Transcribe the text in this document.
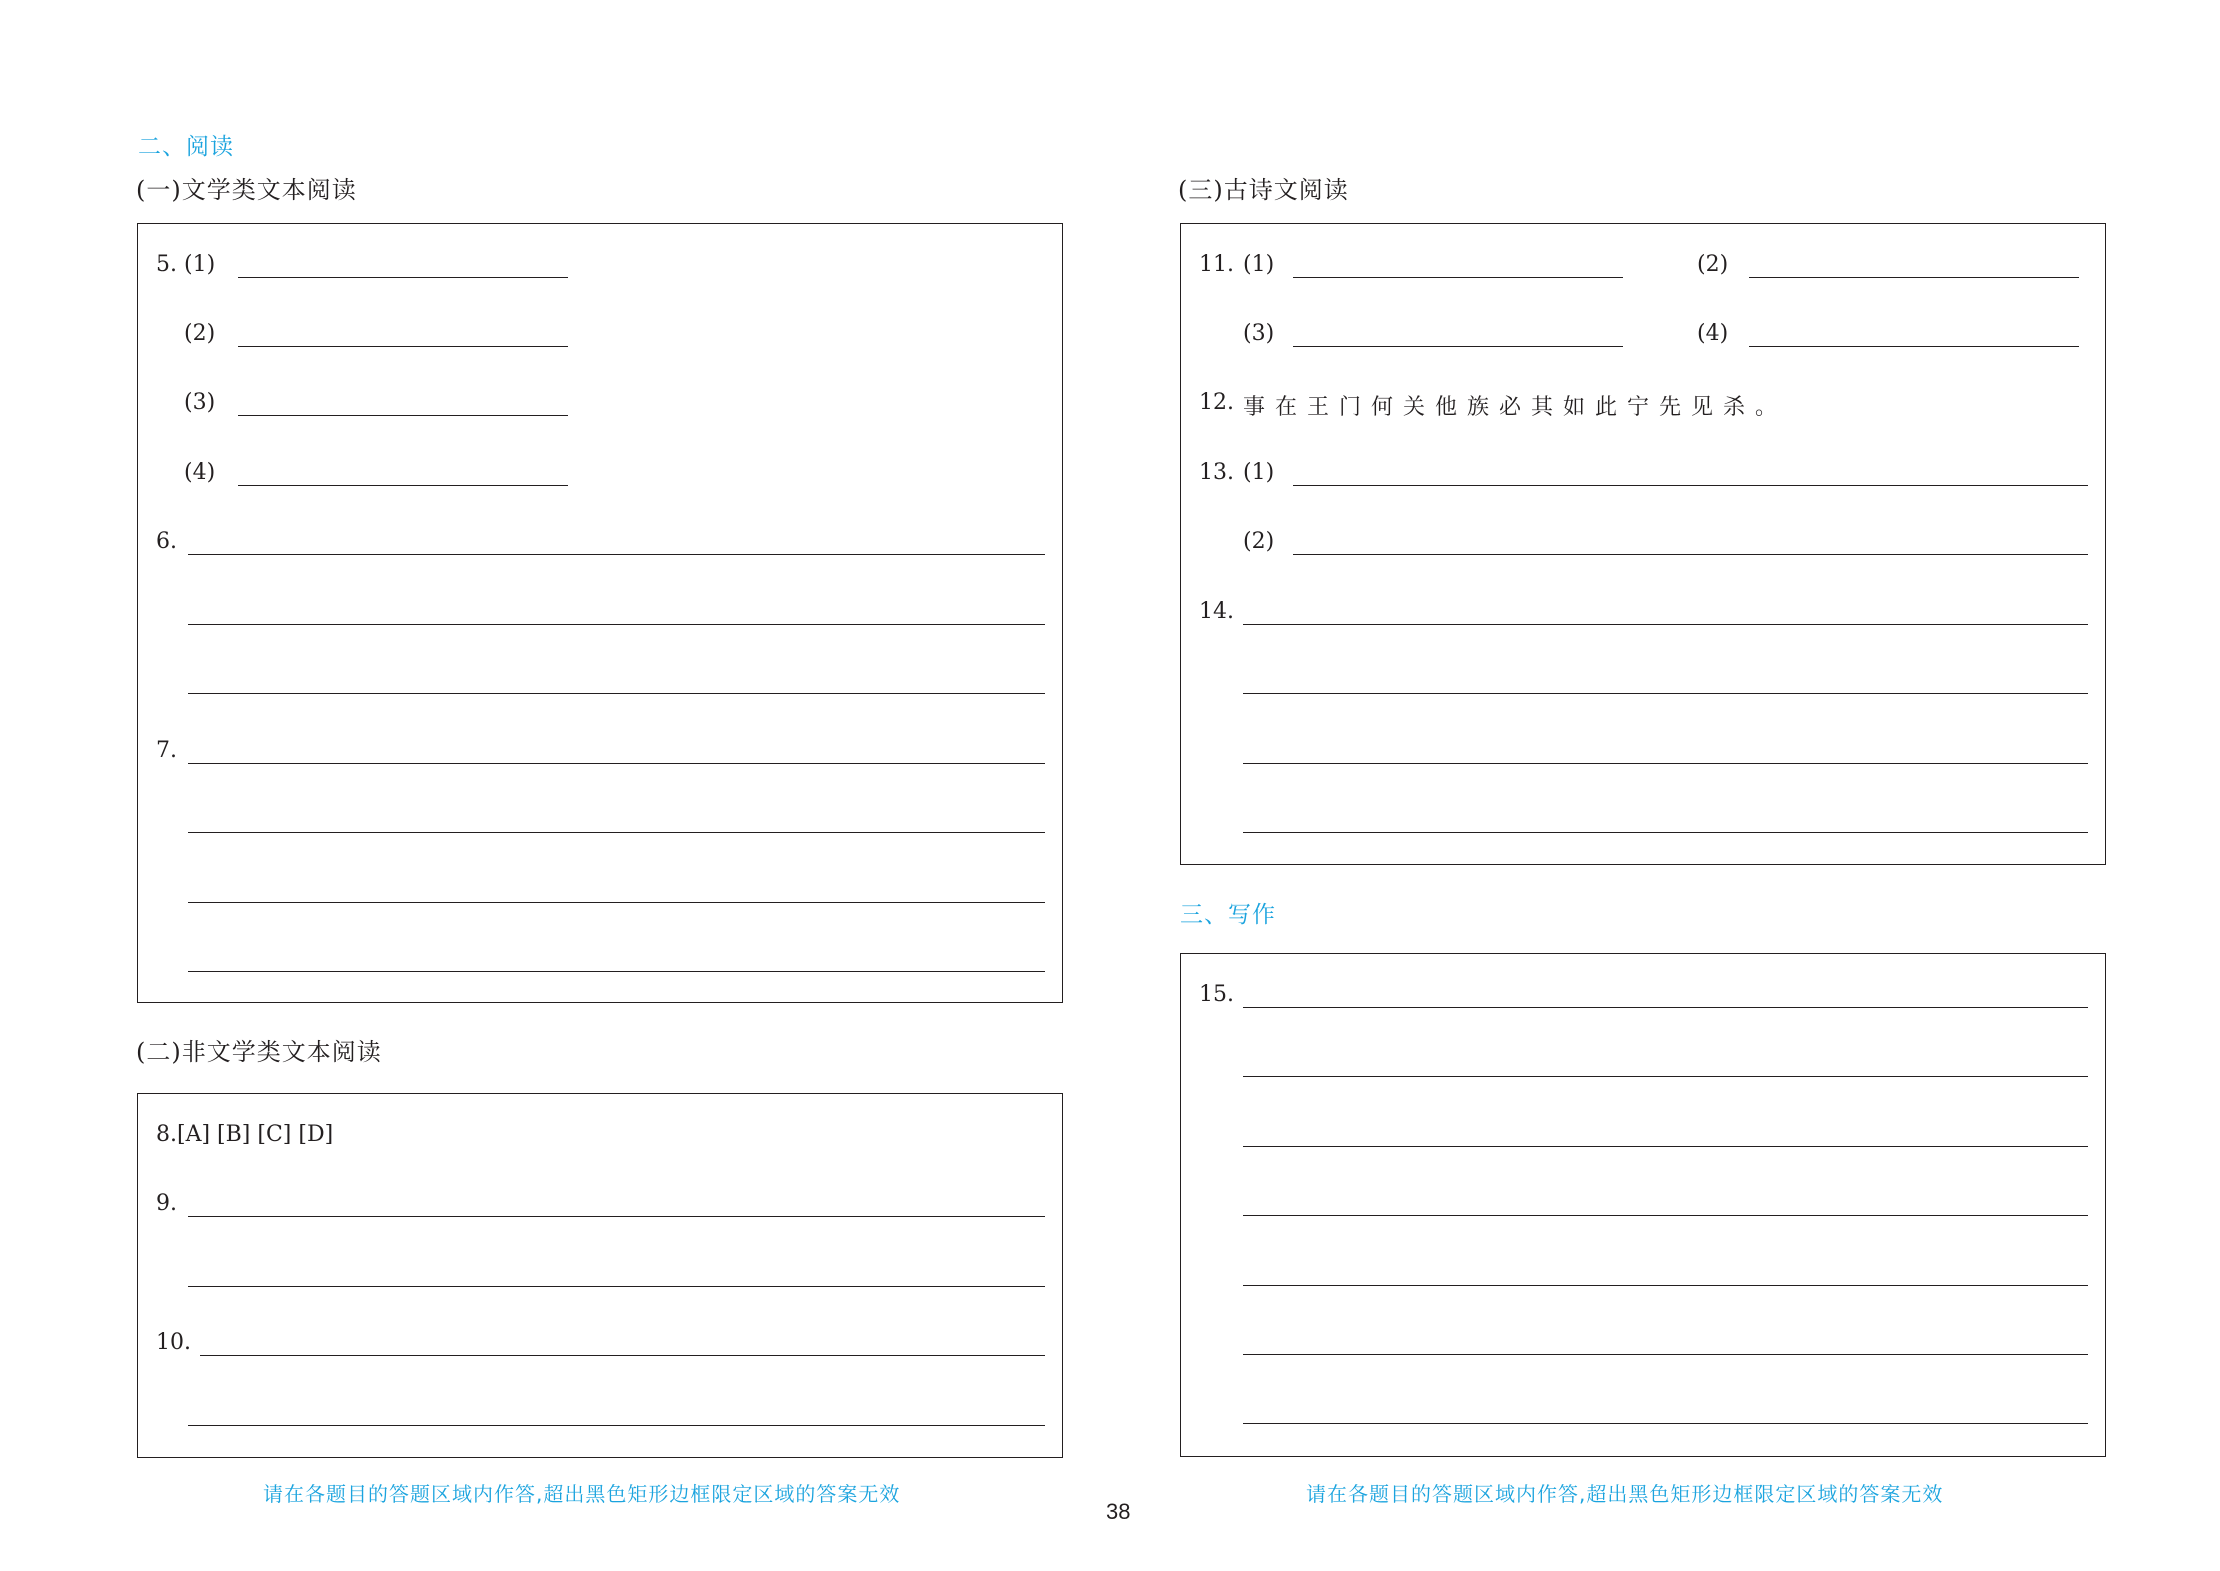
二、阅读
(一)文学类文本阅读	(三)古诗文阅读
5. (1)
(2)
(3)
(4)
6.
7.
(二)非文学类文本阅读
8.[A] [B] [C] [D]
9.
10.
11. (1)	(2)
(3)	(4)
12. 事在王门何关他族必其如此宁先见杀。
13. (1)
(2)
14.
三、写作
15.
请在各题目的答题区域内作答,超出黑色矩形边框限定区域的答案无效	请在各题目的答题区域内作答,超出黑色矩形边框限定区域的答案无效
38
